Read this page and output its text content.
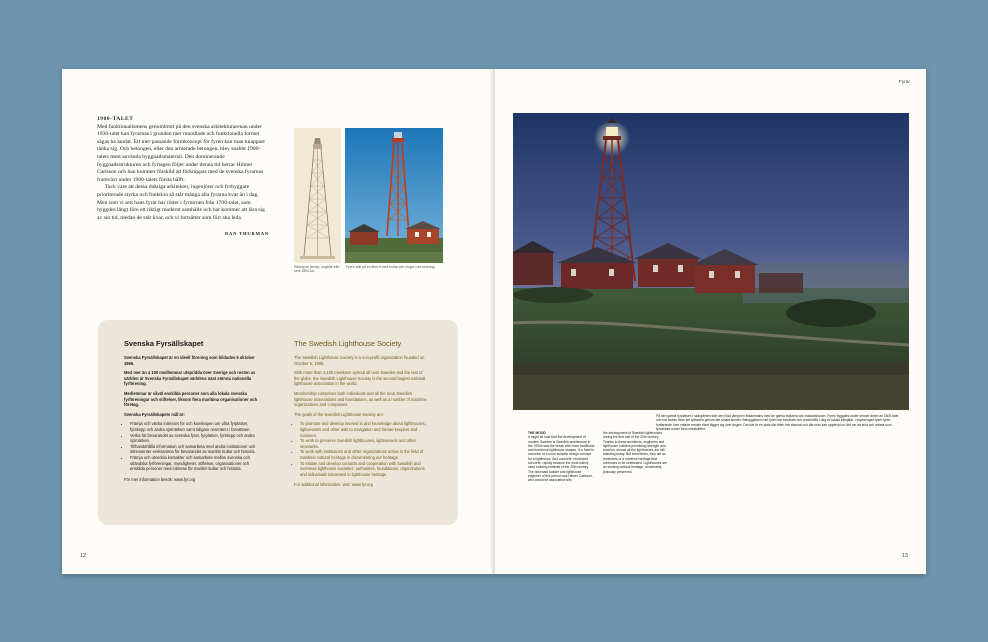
1900-TALET

Med funktionalismens genombrott på den svenska arkitekturarenan under 1930-talet kan fyrarnas i grunden mer renodlade och funktionella former sägas ha landat. Ett mer passande formkoncept för fyren kan man knappast tänka sig. Och betongen, eller den armerade betongen, blev snabbt 1900-talets mest använda byggnadsmaterial. Den dominerande byggnadsstrukturen och fyrtagen följer under denna tid herrar Hilmer Carlsson och han kommer förskild att förknippas med de svenska fyrarnas framväxt under 1900-talets första hälft.

Tack vare att dessa duktiga arkitekter, ingenjörer och fyrbyggare prioriterade styrka och funktion så står många alla fyrarna kvar än i dag. Men som vi sett hans fyrar har rötter i fyrtornen från 1700-talet, som byggdes långt före ett riktigt modernt samhälle och har kommer att lära sig av sin tid, medan de står kvar, och vi fortsätter som förr ska leda.

DAN THURMAN
Ritning av järnfyr, ungefär från sent 1800-tal.
Fyren står på en liten ö med bodar och stugor runt omkring.
Svenska Fyrsällskapet

Svenska Fyrsällskapet är en ideell förening som bildades 5 oktober 1996.

Med mer än 4 100 medlemmar utspridda över Sverige och resten av världen är Svenska Fyrsällskapet världens näst största nationella fyrförening.

Medlemmar är såväl enskilda personer som alla lokala svenska fyrföreningar och stiftelser, liksom flera maritima organisationer och företag.

Svenska Fyrsällskapets mål är:

• Främja och väcka intresset för och kunskapen om våra fyrplatser, fyrskepp och andra sjömärken samt tidigare resenärer i farvattnen.
• Verka för bevarandet av svenska fyrar, fyrplatser, fyrskepp och andra sjömärken.
• Tillhandahålla information och samarbeta med andra institutioner och intressenter verksamma för bevarandet av maritim kultur och historia.
• Främja och utveckla kontakter och samarbete mellan svenska och utländska fyrföreningar, myndigheter, stiftelser, organisationer och enskilda personer med intresse för maritim kultur och historia.

För mer information besök: www.fyr.org

The Swedish Lighthouse Society

The Swedish Lighthouse Society is a non-profit organization founded on October 5, 1996.

With more than 4,100 members spread all over Sweden and the rest of the globe, the Swedish Lighthouse Society is the second largest national lighthouse association in the world.

Membership comprises both individuals and all the local Swedish lighthouse associations and foundations, as well as a number of maritime organizations and companies.

The goals of the Swedish Lighthouse Society are:

• To promote and develop interest in and knowledge about lighthouses, lightvessels and other aids to navigation and former keepers and mariners.
• To work to preserve Swedish lighthouses, lightvessels and other seamarks.
• To work with institutions and other organizations active in the field of maritime cultural heritage in documenting our heritage.
• To initiate and develop contacts and cooperation with Swedish and overseas lighthouse societies, authorities, foundations, organizations and individuals interested in lighthouse heritage.

For additional information, visit: www.fyr.org

12
Fyrar
På den gamla fyrplatsen i skärgården står den röda järnfyren tillsammans med de gamla bodarna och bostadshusen. Fyren byggdes under senare delen av 1800-talet och har sedan dess lett sjöfarten genom det smala sundet. Bebyggelsen runt fyren har bevarats och underhålls i dag av lokala eldsjälar. I skymningen lyser fyren fortfarande över vattnet medan diset lägger sig över ängen. Det här är en plats där tiden har stannat och där man kan uppleva hur det var att leva och arbeta som fyrvaktare under förra sekelskiftet.
THE MOOD
It might be said that the development of modern Sweden is Swedish architecture in the 1930s saw the break with more traditional and functional lighthouse shapes. It is hard to conceive of a more suitable design concept for a lighthouse. And concrete, reinforced concrete, rapidly became the most widely used building material of the 20th century. The dominant builder and lighthouse engineer of this period was Hilmer Carlsson, who would be associated with
the development of Swedish lighthouses during the first half of the 20th century. Thanks to these architects, engineers and lighthouse builders prioritizing strength and function, almost all the lighthouses are still standing today. But sometimes, they act as reminders of a maritime heritage that continues to be celebrated. Lighthouses are an exciting cultural heritage, remarkably, jealously preserved.
13
